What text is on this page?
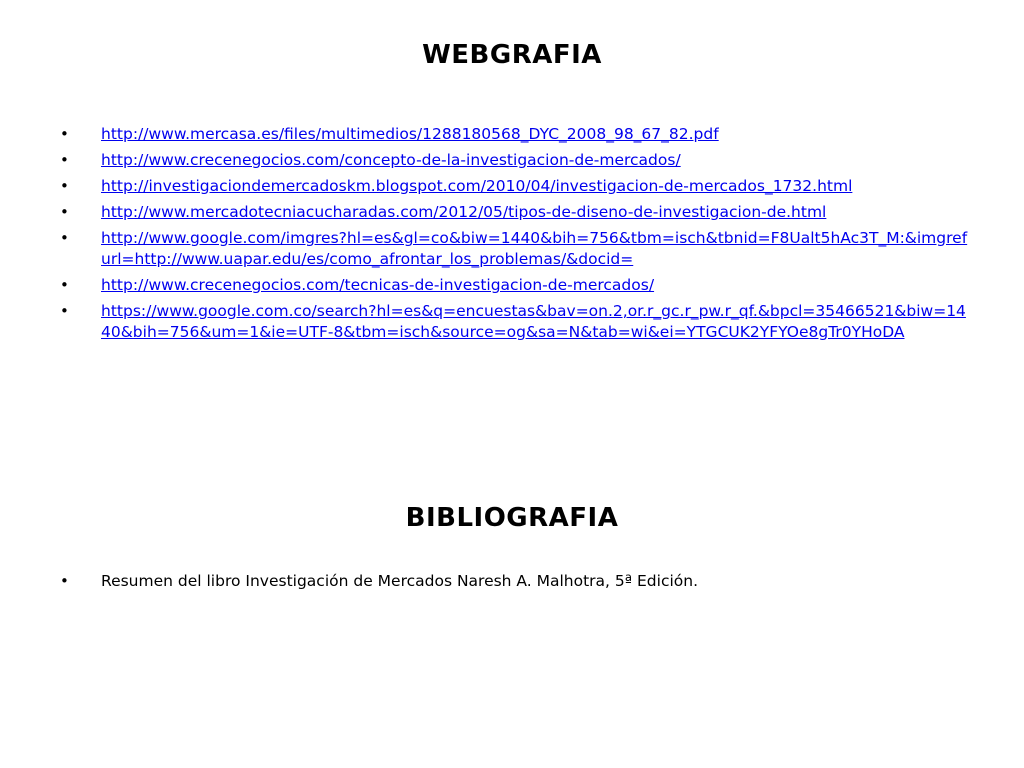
WEBGRAFIA
• http://www.mercasa.es/files/multimedios/1288180568_DYC_2008_98_67_82.pdf
• http://www.crecenegocios.com/concepto-de-la-investigacion-de-mercados/
• http://investigaciondemercadoskm.blogspot.com/2010/04/investigacion-de-mercados_1732.html
• http://www.mercadotecniacucharadas.com/2012/05/tipos-de-diseno-de-investigacion-de.html
• http://www.google.com/imgres?hl=es&gl=co&biw=1440&bih=756&tbm=isch&tbnid=F8Ualt5hAc3T_M:&imgrefurl=http://www.uapar.edu/es/como_afrontar_los_problemas/&docid=
• http://www.crecenegocios.com/tecnicas-de-investigacion-de-mercados/
• https://www.google.com.co/search?hl=es&q=encuestas&bav=on.2,or.r_gc.r_pw.r_qf.&bpcl=35466521&biw=1440&bih=756&um=1&ie=UTF-8&tbm=isch&source=og&sa=N&tab=wi&ei=YTGCUK2YFYOe8gTr0YHoDA
BIBLIOGRAFIA
• Resumen del libro Investigación de Mercados Naresh A. Malhotra, 5ª Edición.
